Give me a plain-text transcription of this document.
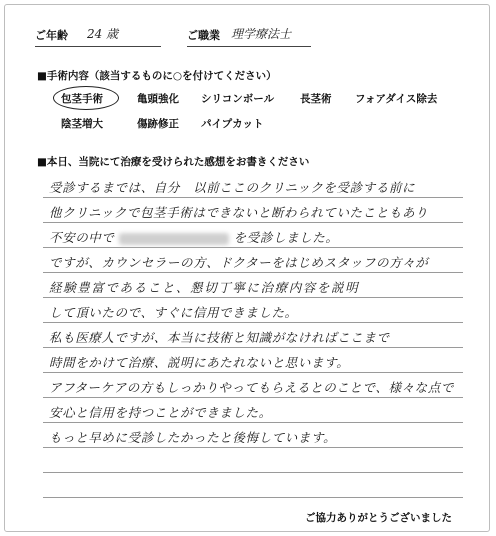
ご年齢 24 歳	ご職業 理学療法士
■手術内容（該当するものに○を付けてください）
包茎手術	亀頭強化 シリコンボール 長茎術 フォアダイス除去
陰茎増大	傷跡修正 パイプカット
■本日、当院にて治療を受けられた感想をお書きください
受診するまでは、自分　以前ここのクリニックを受診する前に
他クリニックで包茎手術はできないと断わられていたこともあり
不安の中で	を受診しました。
ですが、カウンセラーの方、ドクターをはじめスタッフの方々が
経験豊富であること、懇切丁寧に治療内容を説明
して頂いたので、すぐに信用できました。
私も医療人ですが、本当に技術と知識がなければここまで
時間をかけて治療、説明にあたれないと思います。
アフターケアの方もしっかりやってもらえるとのことで、様々な点で
安心と信用を持つことができました。
もっと早めに受診したかったと後悔しています。
ご協力ありがとうございました
